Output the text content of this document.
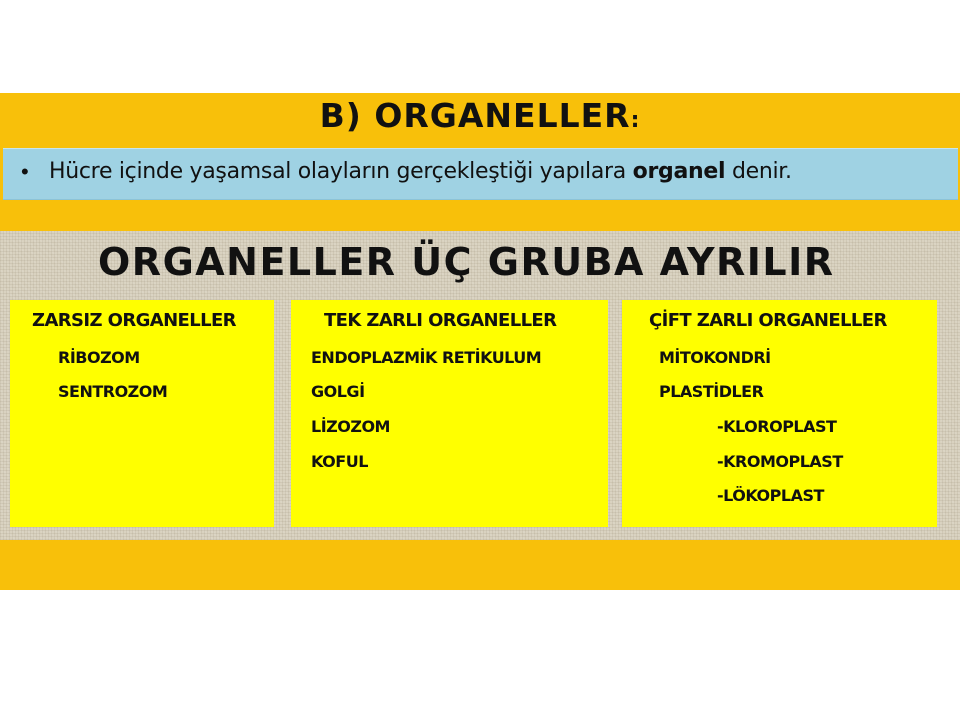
B) ORGANELLER:
• Hücre içinde yaşamsal olayların gerçekleştiği yapılara organel denir.
ORGANELLER ÜÇ GRUBA AYRILIR
ZARSIZ ORGANELLER
RİBOZOM
SENTROZOM
TEK ZARLI ORGANELLER
ENDOPLAZMİK RETİKULUM
GOLGİ
LİZOZOM
KOFUL
ÇİFT ZARLI ORGANELLER
MİTOKONDRİ
PLASTİDLER
-KLOROPLAST
-KROMOPLAST
-LÖKOPLAST
